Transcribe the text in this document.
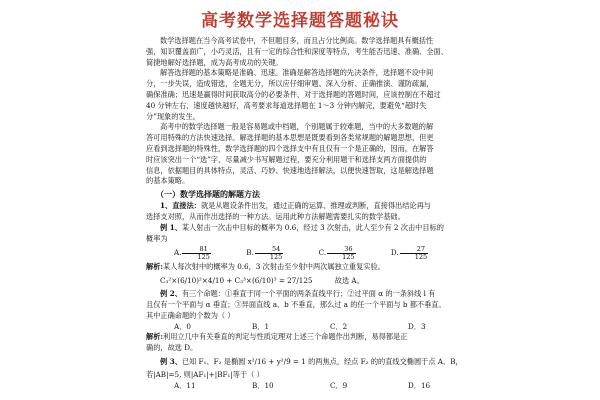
高考数学选择题答题秘诀
数学选择题在当今高考试卷中，不但题目多，而且占分比例高。数学选择题具有概括性
强，知识覆盖面广，小巧灵活，且有一定的综合性和深度等特点，考生能否迅速、准确、全面、
简捷地解好选择题，成为高考成功的关键。
解答选择题的基本策略是准确、迅速。准确是解答选择题的先决条件，选择题不设中间
分，一步失误，造成错选，全题无分，所以应仔细审题、深入分析、正确推演、谨防疏漏，
确保准确；迅速是赢得时间获取高分的必要条件，对于选择题的答题时间，应该控制在不超过
40 分钟左右，速度越快越好，高考要求每道选择题在 1～3 分钟内解完，要避免“超时失
分”现象的发生。
高考中的数学选择题一般是容易题或中档题，个别题属于较难题，当中的大多数题的解
答可用特殊的方法快速选择。解选择题的基本思想是既要看到各类常规题的解题思想，但更
应看到选择题的特殊性，数学选择题的四个选择支中有且仅有一个是正确的，因而，在解答
时应该突出一个“选”字，尽量减少书写解题过程，要充分利用题干和选择支两方面提供的
信息，依据题目的具体特点，灵活、巧妙、快速地选择解法，以便快速智取，这是解选择题
的基本策略。
（一）数学选择题的解题方法
1、直接法：就是从题设条件出发，通过正确的运算、推理或判断，直接得出结论再与
选择支对照，从而作出选择的一种方法。运用此种方法解题需要扎实的数学基础。
例 1、某人射击一次击中目标的概率为 0.6，经过 3 次射击，此人至少有 2 次击中目标的
概率为
A. $\frac{81}{125}$	B. $\frac{54}{125}$	C. $\frac{36}{125}$	D. $\frac{27}{125}$
解析:某人每次射中的概率为 0.6，3 次射击至少射中两次属独立重复实验。
C₃²×(6/10)²×4/10 + C₃³×(6/10)³ = 27/125	故选 A。
例 2、有三个命题：①垂直于同一个平面的两条直线平行；②过平面 α 的一条斜线 l 有
且仅有一个平面与 α 垂直；③异面直线 a、b 不垂直，那么过 a 的任一个平面与 b 都不垂直。
其中正确命题的个数为（ ）
A．0	B．1	C．2	D．3
解析:利用立几中有关垂直的判定与性质定理对上述三个命题作出判断，易得都是正
确的，故选 D。
例 3、已知 F₁、F₂ 是椭圆 x²/16 + y²/9 = 1 的两焦点，经点 F₂ 的的直线交椭圆于点 A、B，
若|AB|=5, 则|AF₁|+|BF₁|等于（ ）
A．11	B．10	C．9	D．16
